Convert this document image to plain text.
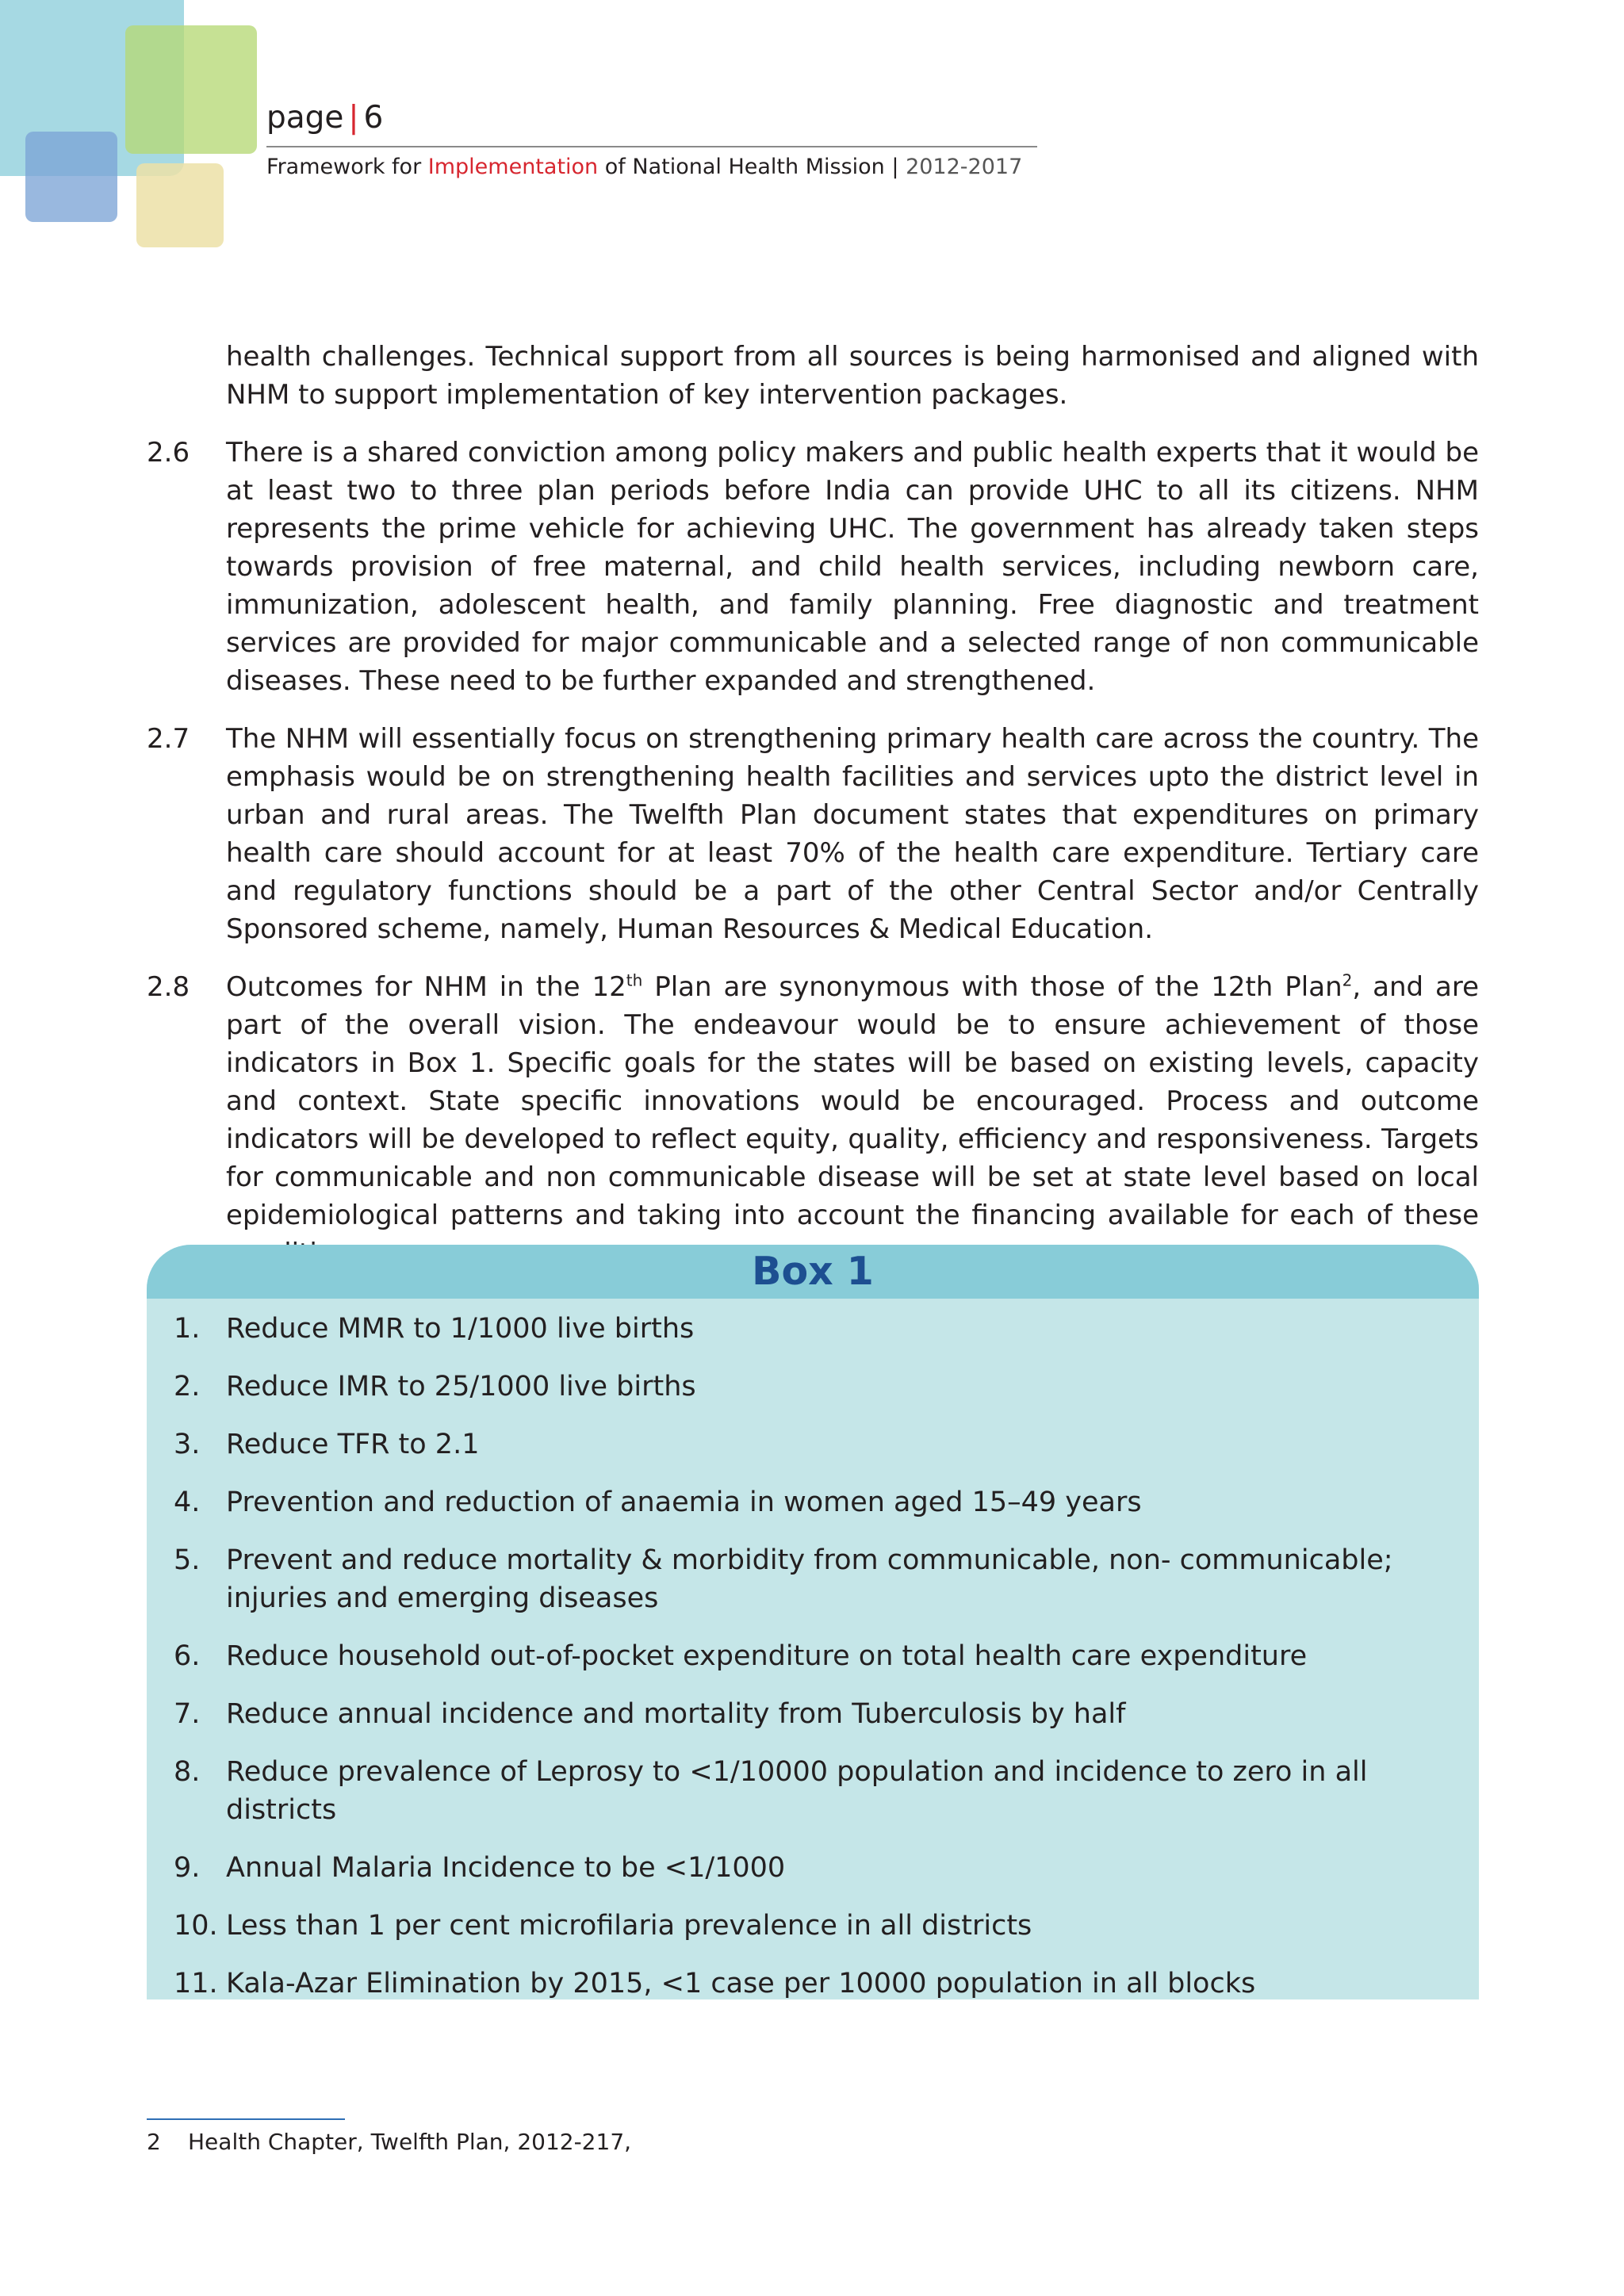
page | 6
Framework for Implementation of National Health Mission | 2012-2017
health challenges. Technical support from all sources is being harmonised and aligned with NHM to support implementation of key intervention packages.
2.6	There is a shared conviction among policy makers and public health experts that it would be at least two to three plan periods before India can provide UHC to all its citizens. NHM represents the prime vehicle for achieving UHC. The government has already taken steps towards provision of free maternal, and child health services, including newborn care, immunization, adolescent health, and family planning. Free diagnostic and treatment services are provided for major communicable and a selected range of non communicable diseases. These need to be further expanded and strengthened.
2.7	The NHM will essentially focus on strengthening primary health care across the country. The emphasis would be on strengthening health facilities and services upto the district level in urban and rural areas. The Twelfth Plan document states that expenditures on primary health care should account for at least 70% of the health care expenditure. Tertiary care and regulatory functions should be a part of the other Central Sector and/or Centrally Sponsored scheme, namely, Human Resources & Medical Education.
2.8	Outcomes for NHM in the 12th Plan are synonymous with those of the 12th Plan$^2$, and are part of the overall vision. The endeavour would be to ensure achievement of those indicators in Box 1. Specific goals for the states will be based on existing levels, capacity and context. State specific innovations would be encouraged. Process and outcome indicators will be developed to reflect equity, quality, efficiency and responsiveness. Targets for communicable and non communicable disease will be set at state level based on local epidemiological patterns and taking into account the financing available for each of these
Box 1
1. Reduce MMR to 1/1000 live births
2. Reduce IMR to 25/1000 live births
3. Reduce TFR to 2.1
4. Prevention and reduction of anaemia in women aged 15–49 years
5. Prevent and reduce mortality & morbidity from communicable, non- communicable; injuries and emerging diseases
6. Reduce household out-of-pocket expenditure on total health care expenditure
7. Reduce annual incidence and mortality from Tuberculosis by half
8. Reduce prevalence of Leprosy to <1/10000 population and incidence to zero in all districts
9. Annual Malaria Incidence to be <1/1000
10. Less than 1 per cent microfilaria prevalence in all districts
11. Kala-Azar Elimination by 2015, <1 case per 10000 population in all blocks
2	Health Chapter, Twelfth Plan, 2012-217,
